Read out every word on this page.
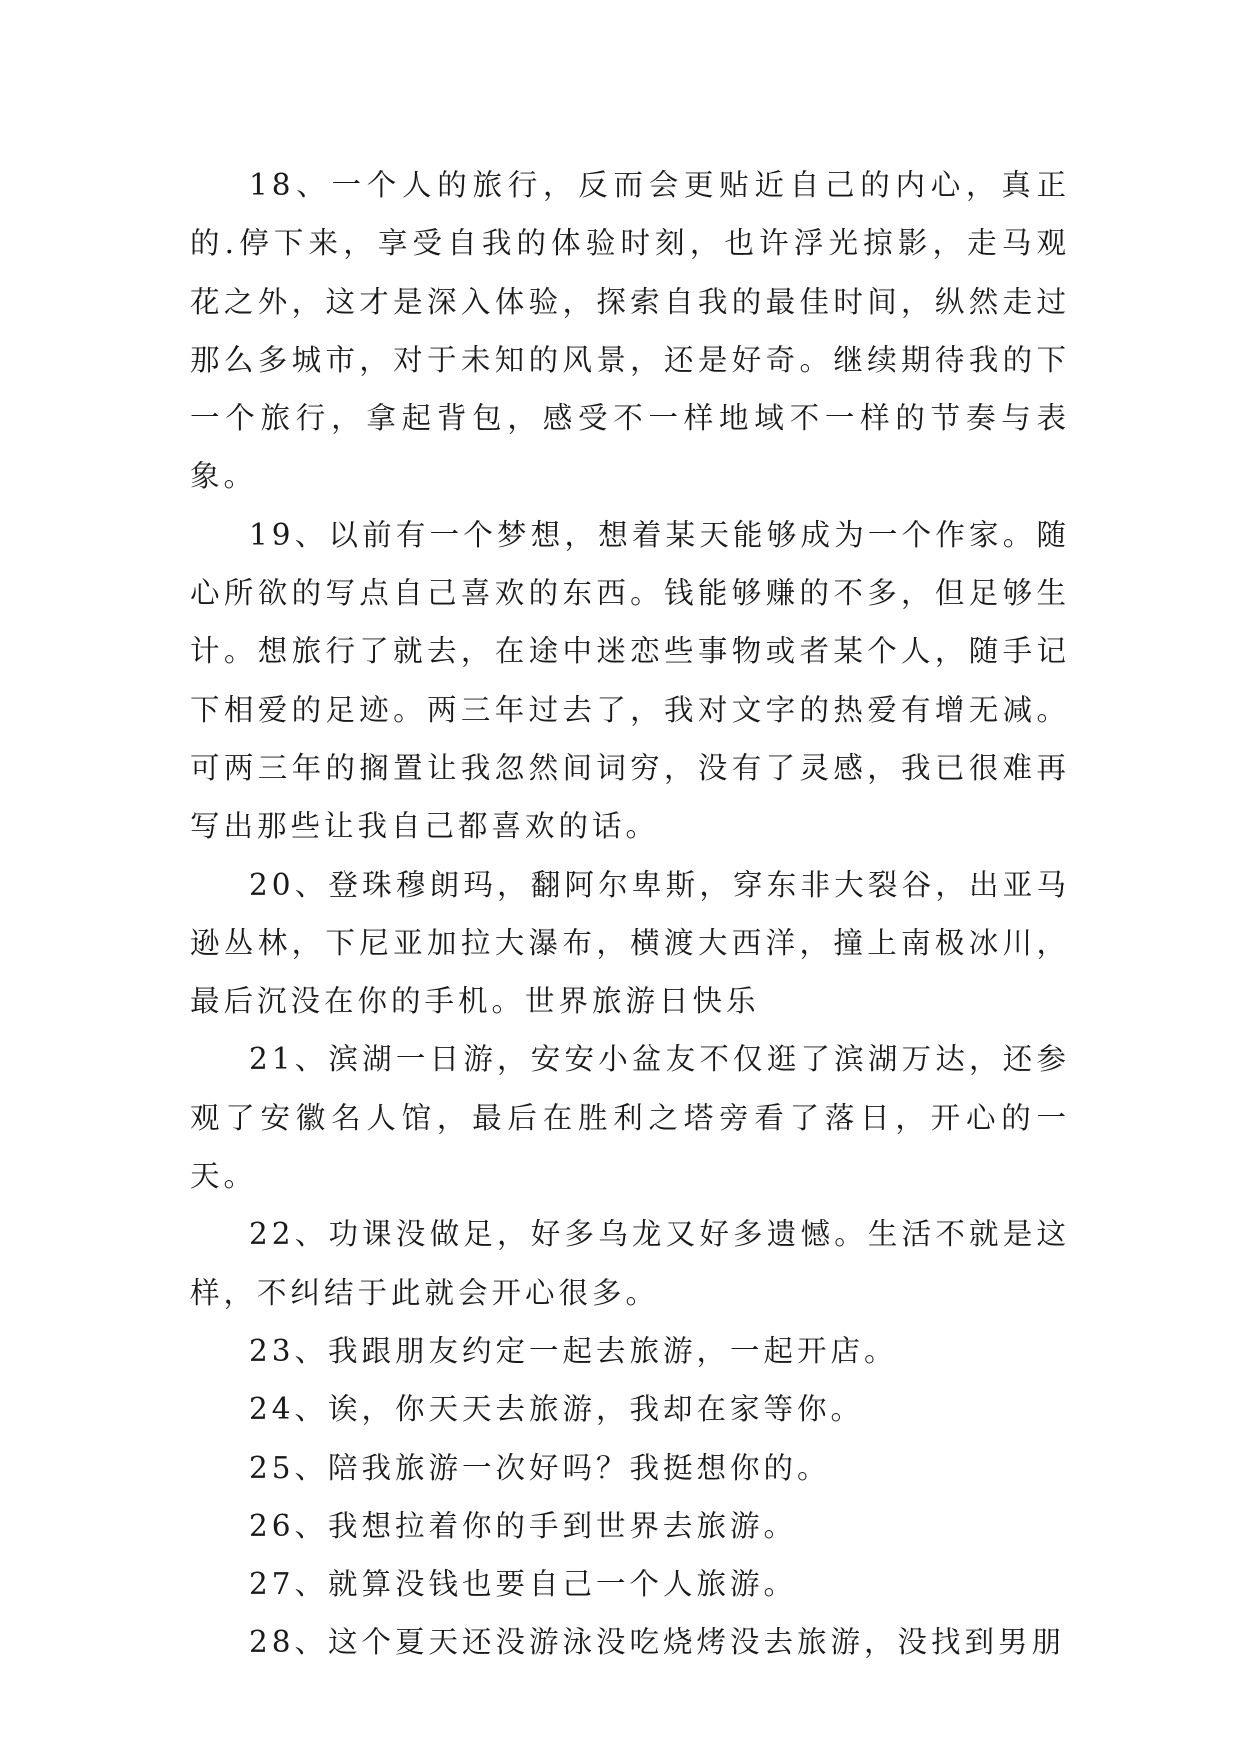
18、一个人的旅行，反而会更贴近自己的内心，真正的.停下来，享受自我的体验时刻，也许浮光掠影，走马观花之外，这才是深入体验，探索自我的最佳时间，纵然走过那么多城市，对于未知的风景，还是好奇。继续期待我的下一个旅行，拿起背包，感受不一样地域不一样的节奏与表象。

19、以前有一个梦想，想着某天能够成为一个作家。随心所欲的写点自己喜欢的东西。钱能够赚的不多，但足够生计。想旅行了就去，在途中迷恋些事物或者某个人，随手记下相爱的足迹。两三年过去了，我对文字的热爱有增无减。可两三年的搁置让我忽然间词穷，没有了灵感，我已很难再写出那些让我自己都喜欢的话。

20、登珠穆朗玛，翻阿尔卑斯，穿东非大裂谷，出亚马逊丛林，下尼亚加拉大瀑布，横渡大西洋，撞上南极冰川，最后沉没在你的手机。世界旅游日快乐

21、滨湖一日游，安安小盆友不仅逛了滨湖万达，还参观了安徽名人馆，最后在胜利之塔旁看了落日，开心的一天。

22、功课没做足，好多乌龙又好多遗憾。生活不就是这样，不纠结于此就会开心很多。

23、我跟朋友约定一起去旅游，一起开店。

24、诶，你天天去旅游，我却在家等你。

25、陪我旅游一次好吗？我挺想你的。

26、我想拉着你的手到世界去旅游。

27、就算没钱也要自己一个人旅游。

28、这个夏天还没游泳没吃烧烤没去旅游，没找到男朋
